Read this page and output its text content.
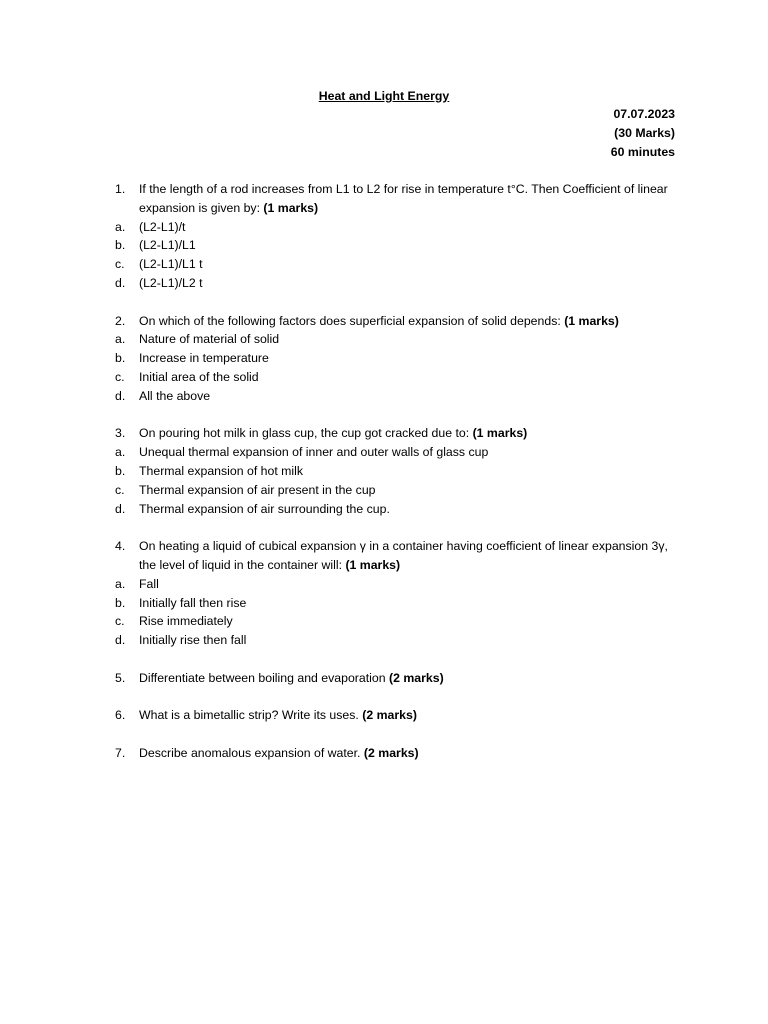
Heat and Light Energy
07.07.2023
(30 Marks)
60 minutes
1.	If the length of a rod increases from L1 to L2 for rise in temperature t°C. Then Coefficient of linear expansion is given by: (1 marks)
a.	(L2-L1)/t
b.	(L2-L1)/L1
c.	(L2-L1)/L1 t
d.	(L2-L1)/L2 t
2.	On which of the following factors does superficial expansion of solid depends: (1 marks)
a.	Nature of material of solid
b.	Increase in temperature
c.	Initial area of the solid
d.	All the above
3.	On pouring hot milk in glass cup, the cup got cracked due to: (1 marks)
a.	Unequal thermal expansion of inner and outer walls of glass cup
b.	Thermal expansion of hot milk
c.	Thermal expansion of air present in the cup
d.	Thermal expansion of air surrounding the cup.
4.	On heating a liquid of cubical expansion γ in a container having coefficient of linear expansion 3γ, the level of liquid in the container will: (1 marks)
a.	Fall
b.	Initially fall then rise
c.	Rise immediately
d.	Initially rise then fall
5.	Differentiate between boiling and evaporation (2 marks)
6.	What is a bimetallic strip? Write its uses. (2 marks)
7.	Describe anomalous expansion of water. (2 marks)
